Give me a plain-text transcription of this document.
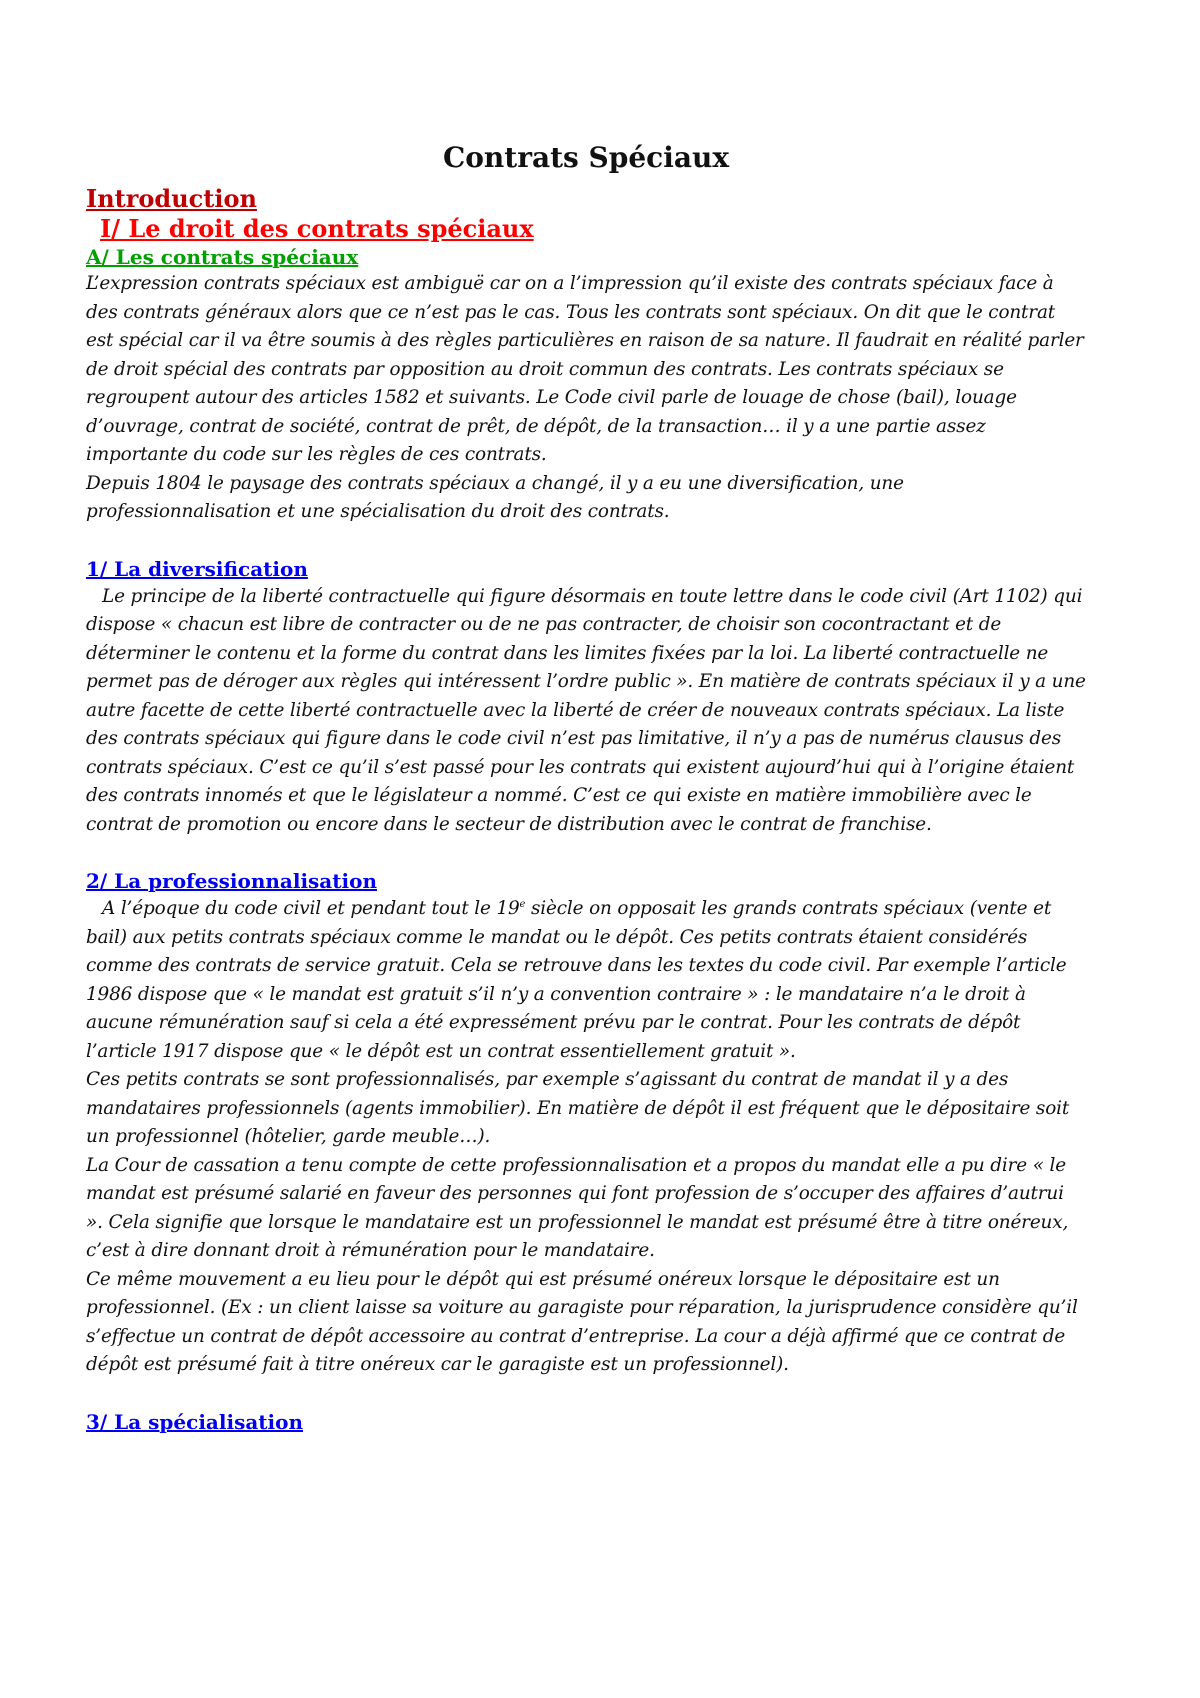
Contrats Spéciaux
Introduction
I/ Le droit des contrats spéciaux
A/ Les contrats spéciaux

L’expression contrats spéciaux est ambiguë car on a l’impression qu’il existe des contrats spéciaux face à des contrats généraux alors que ce n’est pas le cas. Tous les contrats sont spéciaux. On dit que le contrat est spécial car il va être soumis à des règles particulières en raison de sa nature. Il faudrait en réalité parler de droit spécial des contrats par opposition au droit commun des contrats. Les contrats spéciaux se regroupent autour des articles 1582 et suivants. Le Code civil parle de louage de chose (bail), louage d’ouvrage, contrat de société, contrat de prêt, de dépôt, de la transaction… il y a une partie assez importante du code sur les règles de ces contrats.

Depuis 1804 le paysage des contrats spéciaux a changé, il y a eu une diversification, une professionnalisation et une spécialisation du droit des contrats.

1/ La diversification

Le principe de la liberté contractuelle qui figure désormais en toute lettre dans le code civil (Art 1102) qui dispose « chacun est libre de contracter ou de ne pas contracter, de choisir son cocontractant et de déterminer le contenu et la forme du contrat dans les limites fixées par la loi. La liberté contractuelle ne permet pas de déroger aux règles qui intéressent l’ordre public ». En matière de contrats spéciaux il y a une autre facette de cette liberté contractuelle avec la liberté de créer de nouveaux contrats spéciaux. La liste des contrats spéciaux qui figure dans le code civil n’est pas limitative, il n’y a pas de numérus clausus des contrats spéciaux. C’est ce qu’il s’est passé pour les contrats qui existent aujourd’hui qui à l’origine étaient des contrats innomés et que le législateur a nommé. C’est ce qui existe en matière immobilière avec le contrat de promotion ou encore dans le secteur de distribution avec le contrat de franchise.

2/ La professionnalisation

A l’époque du code civil et pendant tout le 19e siècle on opposait les grands contrats spéciaux (vente et bail) aux petits contrats spéciaux comme le mandat ou le dépôt. Ces petits contrats étaient considérés comme des contrats de service gratuit. Cela se retrouve dans les textes du code civil. Par exemple l’article 1986 dispose que « le mandat est gratuit s’il n’y a convention contraire » : le mandataire n’a le droit à aucune rémunération sauf si cela a été expressément prévu par le contrat. Pour les contrats de dépôt l’article 1917 dispose que « le dépôt est un contrat essentiellement gratuit ».

Ces petits contrats se sont professionnalisés, par exemple s’agissant du contrat de mandat il y a des mandataires professionnels (agents immobilier). En matière de dépôt il est fréquent que le dépositaire soit un professionnel (hôtelier, garde meuble…).

La Cour de cassation a tenu compte de cette professionnalisation et a propos du mandat elle a pu dire « le mandat est présumé salarié en faveur des personnes qui font profession de s’occuper des affaires d’autrui ». Cela signifie que lorsque le mandataire est un professionnel le mandat est présumé être à titre onéreux, c’est à dire donnant droit à rémunération pour le mandataire.

Ce même mouvement a eu lieu pour le dépôt qui est présumé onéreux lorsque le dépositaire est un professionnel. (Ex : un client laisse sa voiture au garagiste pour réparation, la jurisprudence considère qu’il s’effectue un contrat de dépôt accessoire au contrat d’entreprise. La cour a déjà affirmé que ce contrat de dépôt est présumé fait à titre onéreux car le garagiste est un professionnel).

3/ La spécialisation
